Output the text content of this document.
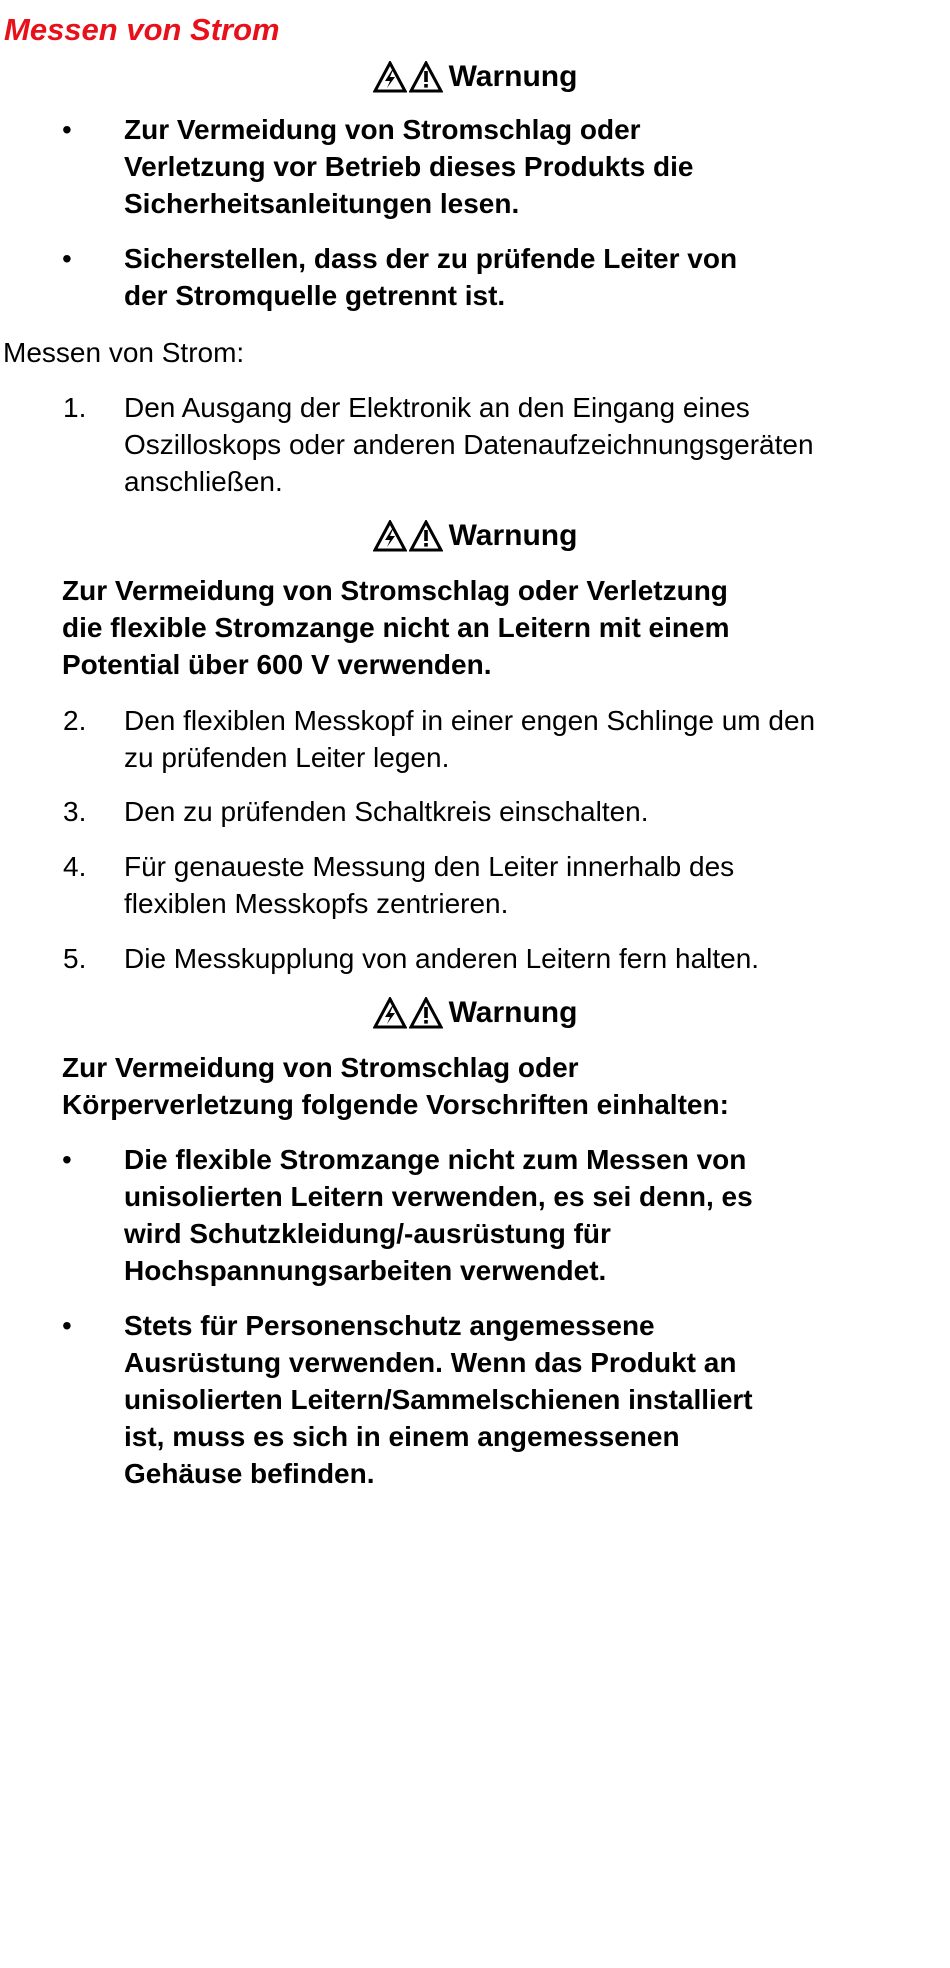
Messen von Strom
Warnung
• Zur Vermeidung von Stromschlag oder
Verletzung vor Betrieb dieses Produkts die
Sicherheitsanleitungen lesen.
• Sicherstellen, dass der zu prüfende Leiter von
der Stromquelle getrennt ist.

Messen von Strom:

1. Den Ausgang der Elektronik an den Eingang eines
Oszilloskops oder anderen Datenaufzeichnungsgeräten
anschließen.
Warnung

Zur Vermeidung von Stromschlag oder Verletzung

die flexible Stromzange nicht an Leitern mit einem

Potential über 600 V verwenden.

2. Den flexiblen Messkopf in einer engen Schlinge um den
zu prüfenden Leiter legen.
3. Den zu prüfenden Schaltkreis einschalten.
4. Für genaueste Messung den Leiter innerhalb des
flexiblen Messkopfs zentrieren.
5. Die Messkupplung von anderen Leitern fern halten.
Warnung

Zur Vermeidung von Stromschlag oder

Körperverletzung folgende Vorschriften einhalten:

• Die flexible Stromzange nicht zum Messen von
unisolierten Leitern verwenden, es sei denn, es
wird Schutzkleidung/-ausrüstung für
Hochspannungsarbeiten verwendet.
• Stets für Personenschutz angemessene
Ausrüstung verwenden. Wenn das Produkt an
unisolierten Leitern/Sammelschienen installiert
ist, muss es sich in einem angemessenen
Gehäuse befinden.
